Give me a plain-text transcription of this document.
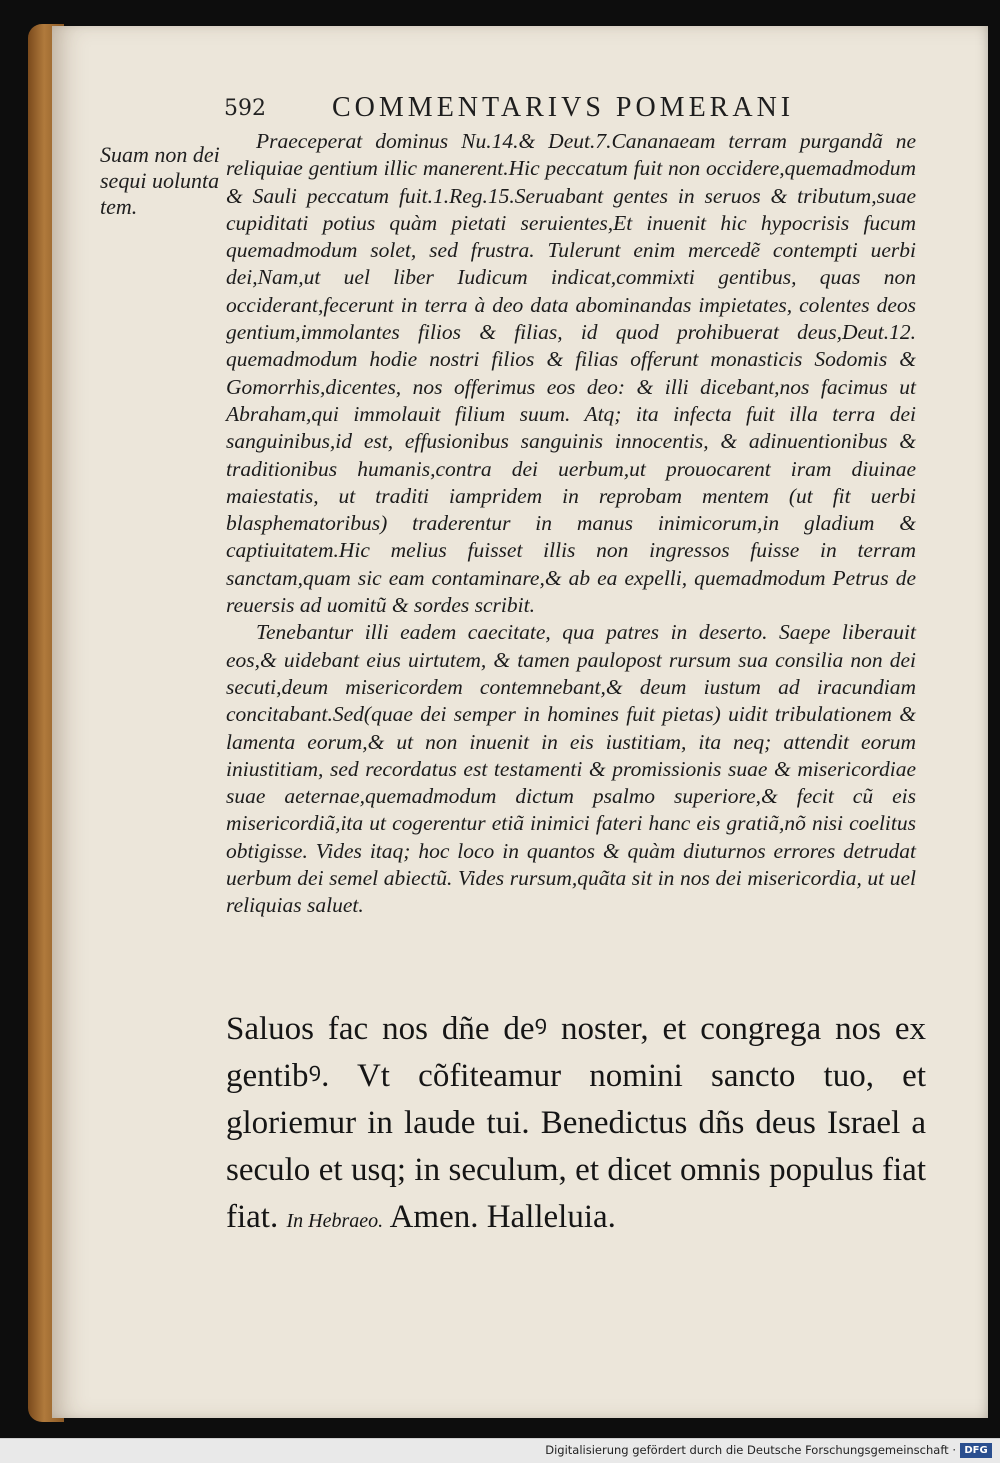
592 COMMENTARIVS POMERANI
Suam non dei sequi uolunta tem.

Praeceperat dominus Nu.14.& Deut.7.Cananaeam terram purgandã ne reliquiae gentium illic manerent.Hic peccatum fuit non occidere,quemadmodum & Sauli peccatum fuit.1.Reg.15.Seruabant gentes in seruos & tributum,suae cupiditati potius quàm pietati seruientes,Et inuenit hic hypocrisis fucum quemadmodum solet, sed frustra. Tulerunt enim mercedẽ contempti uerbi dei,Nam,ut uel liber Iudicum indicat,commixti gentibus, quas non occiderant,fecerunt in terra à deo data abominandas impietates, colentes deos gentium,immolantes filios & filias, id quod prohibuerat deus,Deut.12. quemadmodum hodie nostri filios & filias offerunt monasticis Sodomis & Gomorrhis,dicentes, nos offerimus eos deo: & illi dicebant,nos facimus ut Abraham,qui immolauit filium suum. Atq; ita infecta fuit illa terra dei sanguinibus,id est, effusionibus sanguinis innocentis, & adinuentionibus & traditionibus humanis,contra dei uerbum,ut prouocarent iram diuinae maiestatis, ut traditi iampridem in reprobam mentem (ut fit uerbi blasphematoribus) traderentur in manus inimicorum,in gladium & captiuitatem.Hic melius fuisset illis non ingressos fuisse in terram sanctam,quam sic eam contaminare,& ab ea expelli, quemadmodum Petrus de reuersis ad uomitũ & sordes scribit.

Tenebantur illi eadem caecitate, qua patres in deserto. Saepe liberauit eos,& uidebant eius uirtutem, & tamen paulopost rursum sua consilia non dei secuti,deum misericordem contemnebant,& deum iustum ad iracundiam concitabant.Sed(quae dei semper in homines fuit pietas) uidit tribulationem & lamenta eorum,& ut non inuenit in eis iustitiam, ita neq; attendit eorum iniustitiam, sed recordatus est testamenti & promissionis suae & misericordiae suae aeternae,quemadmodum dictum psalmo superiore,& fecit cũ eis misericordiã,ita ut cogerentur etiã inimici fateri hanc eis gratiã,nõ nisi coelitus obtigisse. Vides itaq; hoc loco in quantos & quàm diuturnos errores detrudat uerbum dei semel abiectũ. Vides rursum,quãta sit in nos dei misericordia, ut uel reliquias saluet.

Saluos fac nos dñe deꝰ noster, et congrega nos ex gentibꝰ. Vt cõfiteamur nomini sancto tuo, et gloriemur in laude tui. Benedictus dñs deus Israel a seculo et usq; in seculum, et dicet omnis populus fiat fiat. In Hebraeo. Amen. Halleluia.
Digitalisierung gefördert durch die Deutsche Forschungsgemeinschaft · DFG
